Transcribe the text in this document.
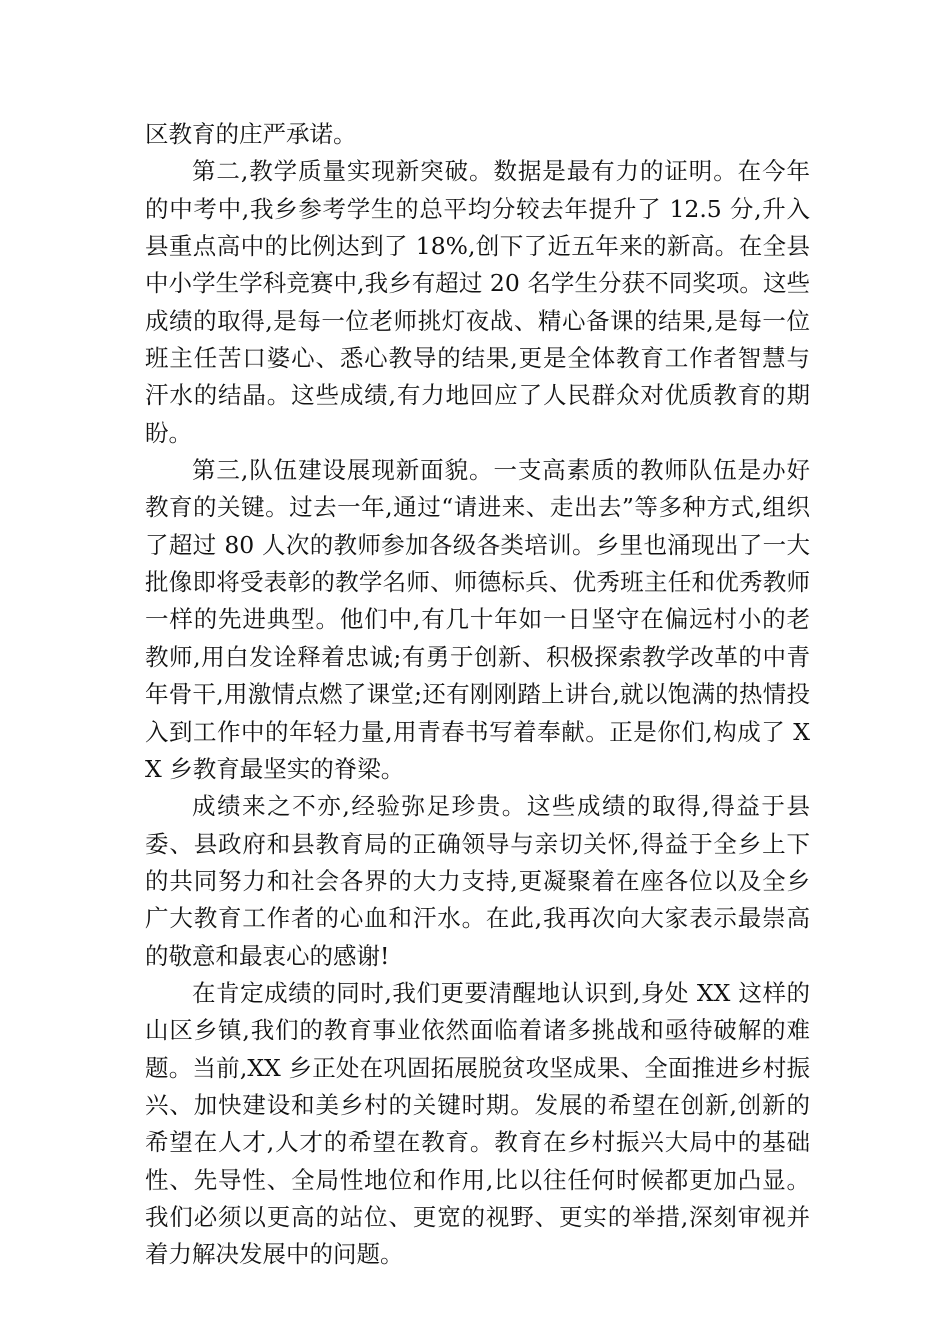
区教育的庄严承诺。

第二,教学质量实现新突破。数据是最有力的证明。在今年的中考中,我乡参考学生的总平均分较去年提升了 12.5 分,升入县重点高中的比例达到了 18%,创下了近五年来的新高。在全县中小学生学科竞赛中,我乡有超过 20 名学生分获不同奖项。这些成绩的取得,是每一位老师挑灯夜战、精心备课的结果,是每一位班主任苦口婆心、悉心教导的结果,更是全体教育工作者智慧与汗水的结晶。这些成绩,有力地回应了人民群众对优质教育的期盼。

第三,队伍建设展现新面貌。一支高素质的教师队伍是办好教育的关键。过去一年,通过“请进来、走出去”等多种方式,组织了超过 80 人次的教师参加各级各类培训。乡里也涌现出了一大批像即将受表彰的教学名师、师德标兵、优秀班主任和优秀教师一样的先进典型。他们中,有几十年如一日坚守在偏远村小的老教师,用白发诠释着忠诚;有勇于创新、积极探索教学改革的中青年骨干,用激情点燃了课堂;还有刚刚踏上讲台,就以饱满的热情投入到工作中的年轻力量,用青春书写着奉献。正是你们,构成了 XX 乡教育最坚实的脊梁。

成绩来之不亦,经验弥足珍贵。这些成绩的取得,得益于县委、县政府和县教育局的正确领导与亲切关怀,得益于全乡上下的共同努力和社会各界的大力支持,更凝聚着在座各位以及全乡广大教育工作者的心血和汗水。在此,我再次向大家表示最崇高的敬意和最衷心的感谢!

在肯定成绩的同时,我们更要清醒地认识到,身处 XX 这样的山区乡镇,我们的教育事业依然面临着诸多挑战和亟待破解的难题。当前,XX 乡正处在巩固拓展脱贫攻坚成果、全面推进乡村振兴、加快建设和美乡村的关键时期。发展的希望在创新,创新的希望在人才,人才的希望在教育。教育在乡村振兴大局中的基础性、先导性、全局性地位和作用,比以往任何时候都更加凸显。我们必须以更高的站位、更宽的视野、更实的举措,深刻审视并着力解决发展中的问题。
